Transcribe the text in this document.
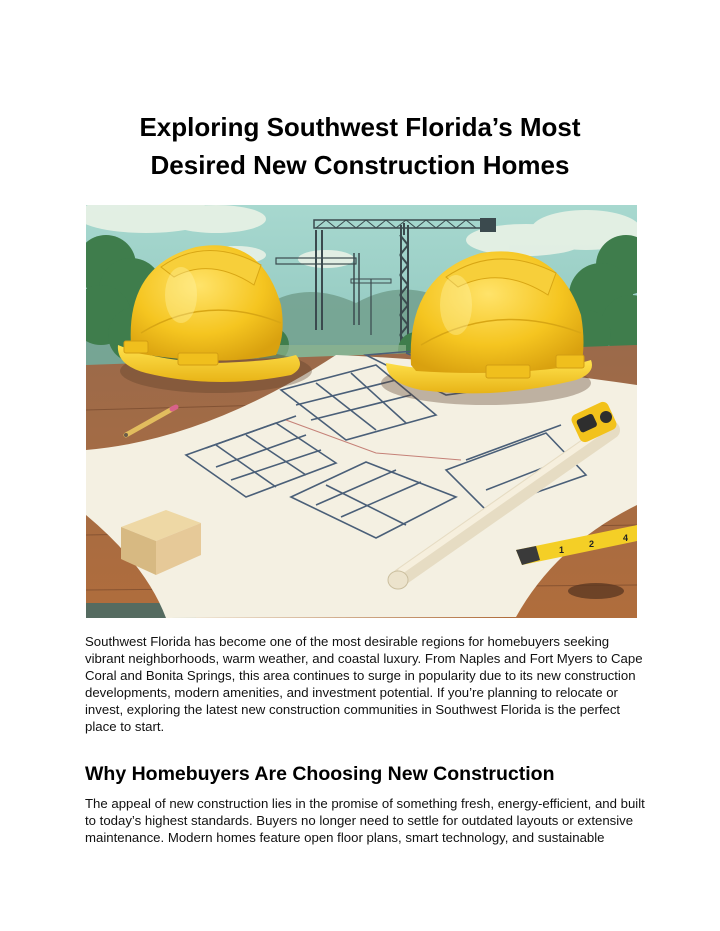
Exploring Southwest Florida’s Most
Desired New Construction Homes
1
2
4

Southwest Florida has become one of the most desirable regions for homebuyers seeking
vibrant neighborhoods, warm weather, and coastal luxury. From Naples and Fort Myers to Cape
Coral and Bonita Springs, this area continues to surge in popularity due to its new construction
developments, modern amenities, and investment potential. If you’re planning to relocate or
invest, exploring the latest new construction communities in Southwest Florida is the perfect
place to start.

Why Homebuyers Are Choosing New Construction

The appeal of new construction lies in the promise of something fresh, energy-efficient, and built
to today’s highest standards. Buyers no longer need to settle for outdated layouts or extensive
maintenance. Modern homes feature open floor plans, smart technology, and sustainable
